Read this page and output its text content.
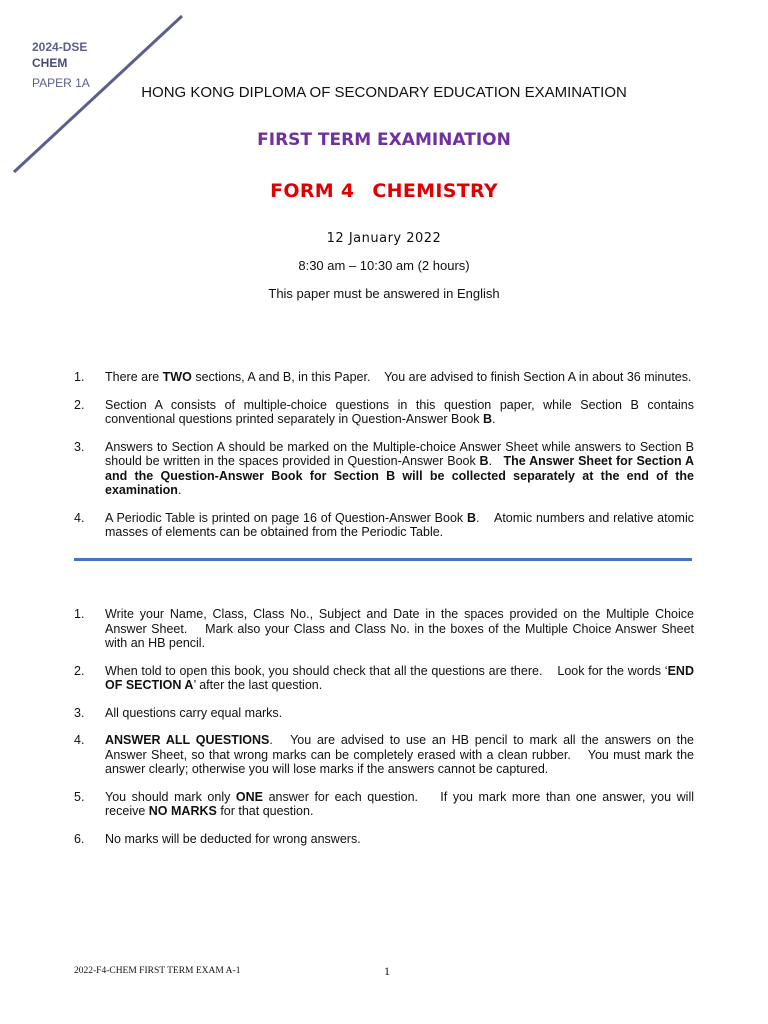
2024-DSE
CHEM
PAPER 1A
HONG KONG DIPLOMA OF SECONDARY EDUCATION EXAMINATION
FIRST TERM EXAMINATION
FORM 4 CHEMISTRY
12 January 2022
8:30 am – 10:30 am (2 hours)
This paper must be answered in English
1. There are TWO sections, A and B, in this Paper.    You are advised to finish Section A in about 36 minutes.
2. Section A consists of multiple-choice questions in this question paper, while Section B contains conventional questions printed separately in Question-Answer Book B.
3. Answers to Section A should be marked on the Multiple-choice Answer Sheet while answers to Section B should be written in the spaces provided in Question-Answer Book B.   The Answer Sheet for Section A and the Question-Answer Book for Section B will be collected separately at the end of the examination.
4. A Periodic Table is printed on page 16 of Question-Answer Book B.    Atomic numbers and relative atomic masses of elements can be obtained from the Periodic Table.
1. Write your Name, Class, Class No., Subject and Date in the spaces provided on the Multiple Choice Answer Sheet.    Mark also your Class and Class No. in the boxes of the Multiple Choice Answer Sheet with an HB pencil.
2. When told to open this book, you should check that all the questions are there.    Look for the words ‘END OF SECTION A’ after the last question.
3. All questions carry equal marks.
4. ANSWER ALL QUESTIONS.   You are advised to use an HB pencil to mark all the answers on the Answer Sheet, so that wrong marks can be completely erased with a clean rubber.    You must mark the answer clearly; otherwise you will lose marks if the answers cannot be captured.
5. You should mark only ONE answer for each question.    If you mark more than one answer, you will receive NO MARKS for that question.
6. No marks will be deducted for wrong answers.
2022-F4-CHEM FIRST TERM EXAM A-1	1
